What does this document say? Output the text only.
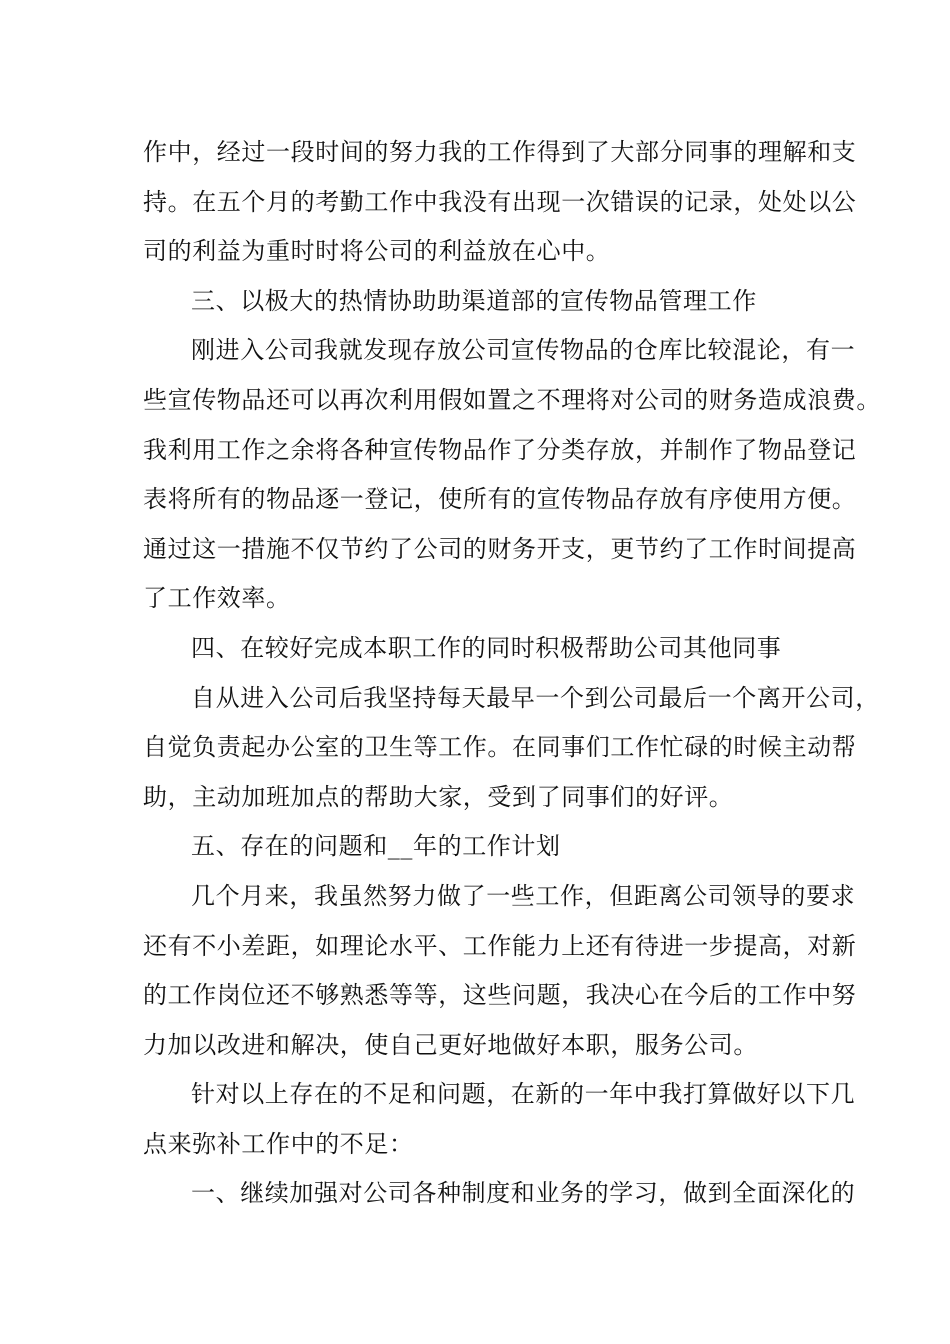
作中，经过一段时间的努力我的工作得到了大部分同事的理解和支
持。在五个月的考勤工作中我没有出现一次错误的记录，处处以公
司的利益为重时时将公司的利益放在心中。
三、以极大的热情协助助渠道部的宣传物品管理工作
刚进入公司我就发现存放公司宣传物品的仓库比较混论，有一
些宣传物品还可以再次利用假如置之不理将对公司的财务造成浪费。
我利用工作之余将各种宣传物品作了分类存放，并制作了物品登记
表将所有的物品逐一登记，使所有的宣传物品存放有序使用方便。
通过这一措施不仅节约了公司的财务开支，更节约了工作时间提高
了工作效率。
四、在较好完成本职工作的同时积极帮助公司其他同事
自从进入公司后我坚持每天最早一个到公司最后一个离开公司，
自觉负责起办公室的卫生等工作。在同事们工作忙碌的时候主动帮
助，主动加班加点的帮助大家，受到了同事们的好评。
五、存在的问题和__年的工作计划
几个月来，我虽然努力做了一些工作，但距离公司领导的要求
还有不小差距，如理论水平、工作能力上还有待进一步提高，对新
的工作岗位还不够熟悉等等，这些问题，我决心在今后的工作中努
力加以改进和解决，使自己更好地做好本职，服务公司。
针对以上存在的不足和问题，在新的一年中我打算做好以下几
点来弥补工作中的不足：
一、继续加强对公司各种制度和业务的学习，做到全面深化的
